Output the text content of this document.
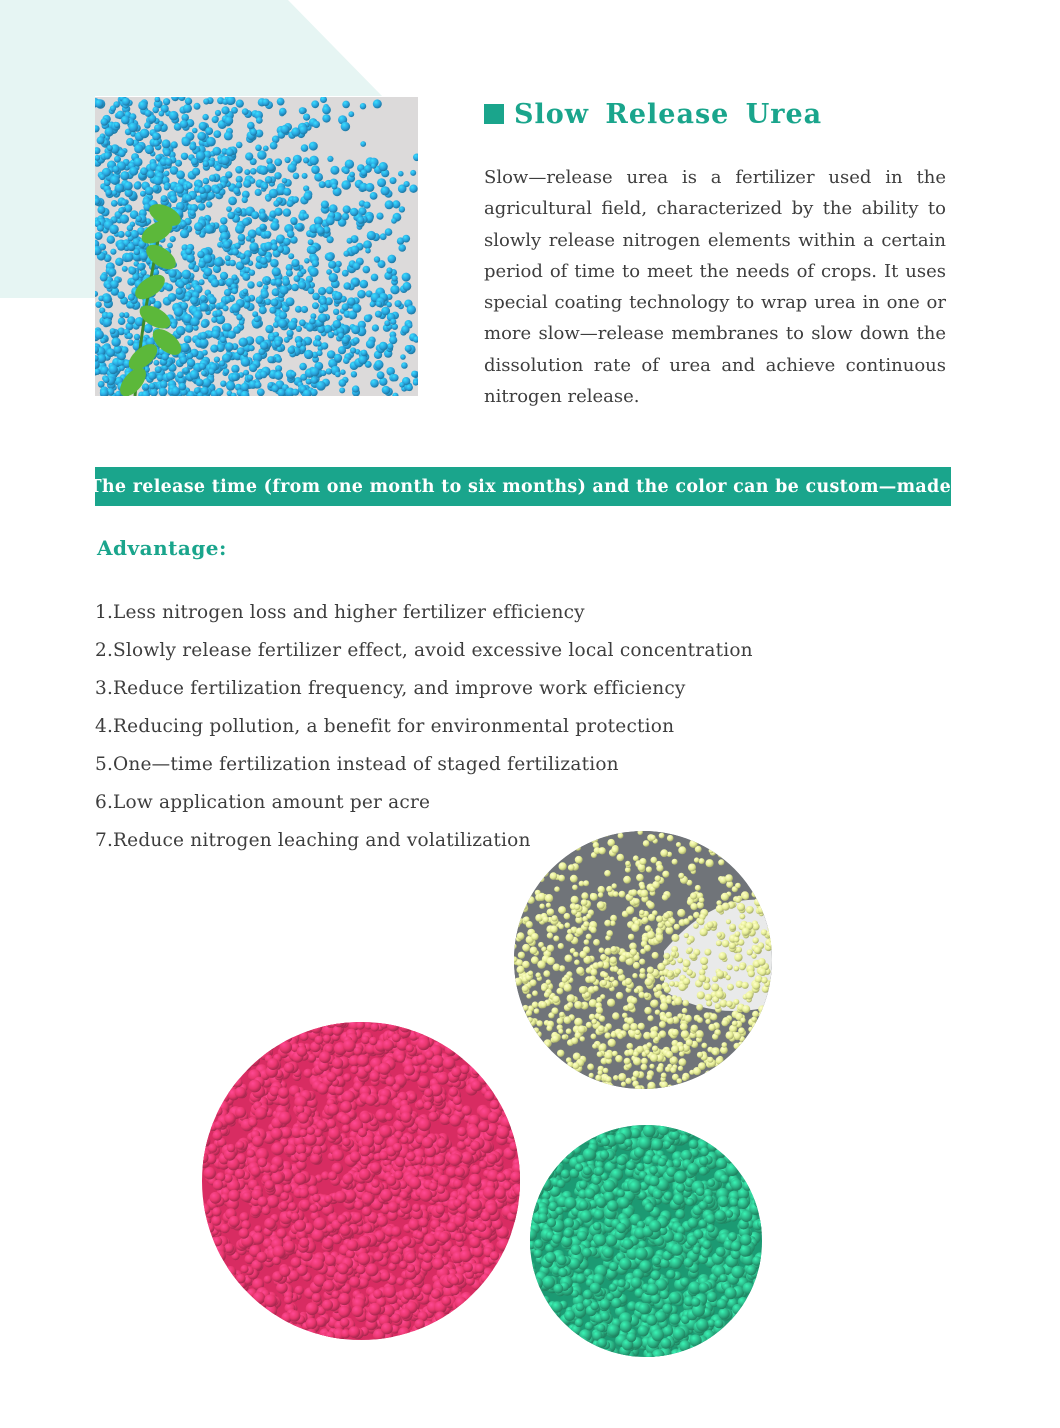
Slow Release Urea

Slow—release urea is a fertilizer used in the agricultural field, characterized by the ability to slowly release nitrogen elements within a certain period of time to meet the needs of crops. It uses special coating technology to wrap urea in one or more slow—release membranes to slow down the dissolution rate of urea and achieve continuous nitrogen release.

The release time (from one month to six months) and the color can be custom—made.
Advantage:
1.Less nitrogen loss and higher fertilizer efficiency
2.Slowly release fertilizer effect, avoid excessive local concentration
3.Reduce fertilization frequency, and improve work efficiency
4.Reducing pollution, a benefit for environmental protection
5.One—time fertilization instead of staged fertilization
6.Low application amount per acre
7.Reduce nitrogen leaching and volatilization
